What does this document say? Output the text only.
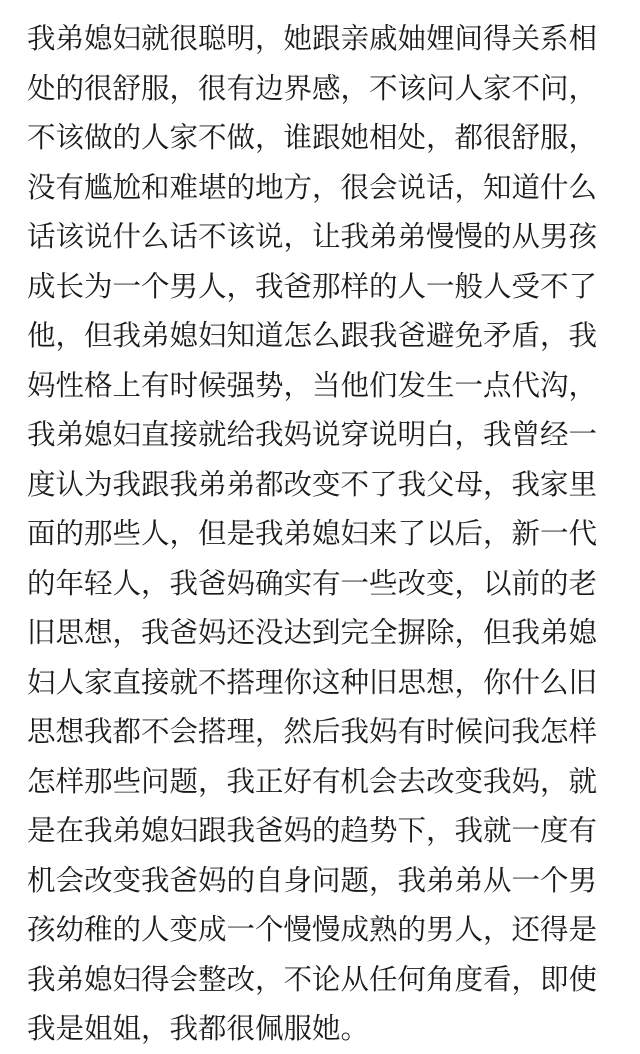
我弟媳妇就很聪明，她跟亲戚妯娌间得关系相
处的很舒服，很有边界感，不该问人家不问，
不该做的人家不做，谁跟她相处，都很舒服，
没有尴尬和难堪的地方，很会说话，知道什么
话该说什么话不该说，让我弟弟慢慢的从男孩
成长为一个男人，我爸那样的人一般人受不了
他，但我弟媳妇知道怎么跟我爸避免矛盾，我
妈性格上有时候强势，当他们发生一点代沟，
我弟媳妇直接就给我妈说穿说明白，我曾经一
度认为我跟我弟弟都改变不了我父母，我家里
面的那些人，但是我弟媳妇来了以后，新一代
的年轻人，我爸妈确实有一些改变，以前的老
旧思想，我爸妈还没达到完全摒除，但我弟媳
妇人家直接就不搭理你这种旧思想，你什么旧
思想我都不会搭理，然后我妈有时候问我怎样
怎样那些问题，我正好有机会去改变我妈，就
是在我弟媳妇跟我爸妈的趋势下，我就一度有
机会改变我爸妈的自身问题，我弟弟从一个男
孩幼稚的人变成一个慢慢成熟的男人，还得是
我弟媳妇得会整改，不论从任何角度看，即使
我是姐姐，我都很佩服她。
